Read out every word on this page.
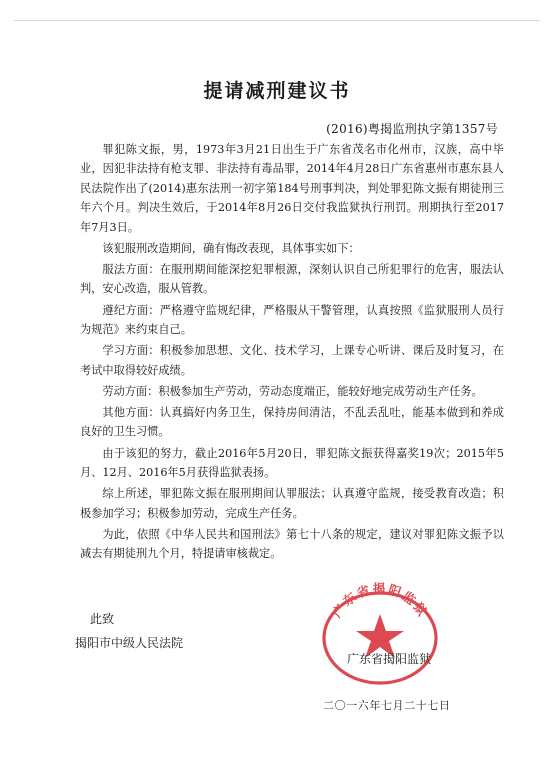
提请减刑建议书
(2016)粤揭监刑执字第1357号

罪犯陈文振，男，1973年3月21日出生于广东省茂名市化州市，汉族，高中毕业，因犯非法持有枪支罪、非法持有毒品罪，2014年4月28日广东省惠州市惠东县人民法院作出了(2014)惠东法刑一初字第184号刑事判决，判处罪犯陈文振有期徒刑三年六个月。判决生效后，于2014年8月26日交付我监狱执行刑罚。刑期执行至2017年7月3日。

该犯服刑改造期间，确有悔改表现，具体事实如下：

服法方面：在服刑期间能深挖犯罪根源，深刻认识自己所犯罪行的危害，服法认判，安心改造，服从管教。

遵纪方面：严格遵守监规纪律，严格服从干警管理，认真按照《监狱服刑人员行为规范》来约束自己。

学习方面：积极参加思想、文化、技术学习，上课专心听讲、课后及时复习，在考试中取得较好成绩。

劳动方面：积极参加生产劳动，劳动态度端正，能较好地完成劳动生产任务。

其他方面：认真搞好内务卫生，保持房间清洁，不乱丢乱吐，能基本做到和养成良好的卫生习惯。

由于该犯的努力，截止2016年5月20日，罪犯陈文振获得嘉奖19次；2015年5月、12月、2016年5月获得监狱表扬。

综上所述，罪犯陈文振在服刑期间认罪服法；认真遵守监规，接受教育改造；积极参加学习；积极参加劳动，完成生产任务。

为此，依照《中华人民共和国刑法》第七十八条的规定，建议对罪犯陈文振予以减去有期徒刑九个月，特提请审核裁定。

此致
揭阳市中级人民法院
广东省揭阳监狱
广东省揭阳监狱
二〇一六年七月二十七日
